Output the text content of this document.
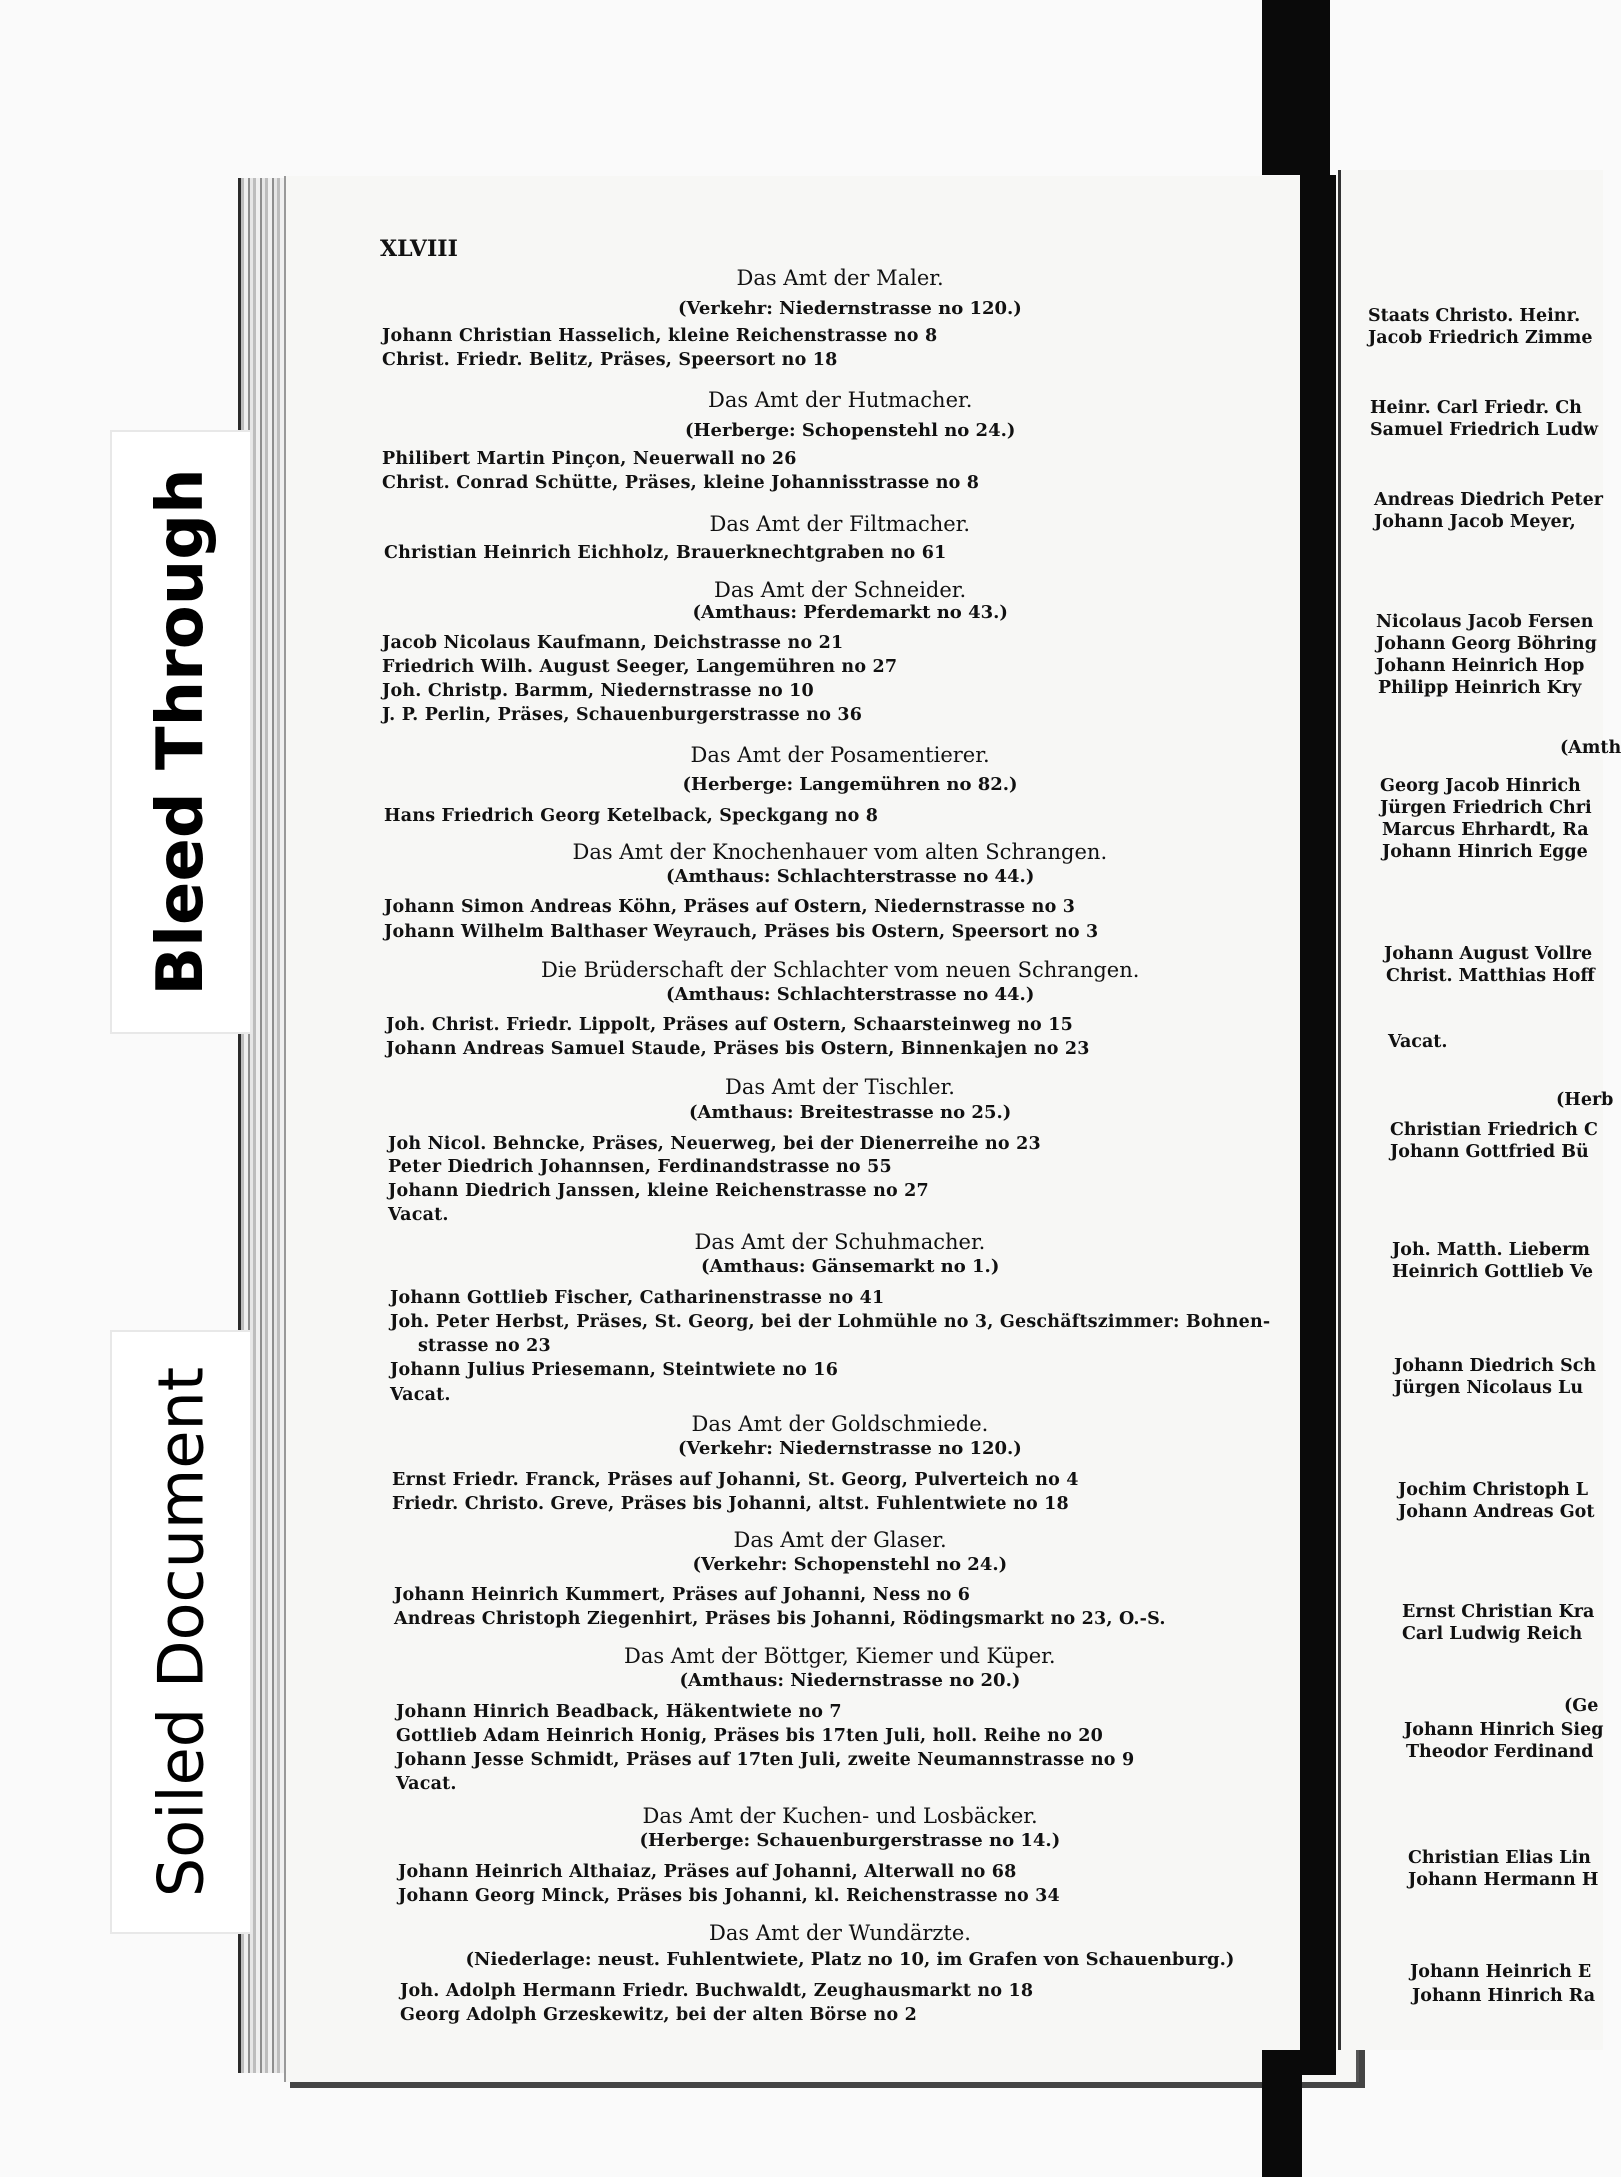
Bleed Through
Soiled Document
XLVIII
Das Amt der Maler.
(Verkehr: Niedernstrasse no 120.)
Johann Christian Hasselich, kleine Reichenstrasse no 8
Christ. Friedr. Belitz, Präses, Speersort no 18
Das Amt der Hutmacher.
(Herberge: Schopenstehl no 24.)
Philibert Martin Pinçon, Neuerwall no 26
Christ. Conrad Schütte, Präses, kleine Johannisstrasse no 8
Das Amt der Filtmacher.
Christian Heinrich Eichholz, Brauerknechtgraben no 61
Das Amt der Schneider.
(Amthaus: Pferdemarkt no 43.)
Jacob Nicolaus Kaufmann, Deichstrasse no 21
Friedrich Wilh. August Seeger, Langemühren no 27
Joh. Christp. Barmm, Niedernstrasse no 10
J. P. Perlin, Präses, Schauenburgerstrasse no 36
Das Amt der Posamentierer.
(Herberge: Langemühren no 82.)
Hans Friedrich Georg Ketelback, Speckgang no 8
Das Amt der Knochenhauer vom alten Schrangen.
(Amthaus: Schlachterstrasse no 44.)
Johann Simon Andreas Köhn, Präses auf Ostern, Niedernstrasse no 3
Johann Wilhelm Balthaser Weyrauch, Präses bis Ostern, Speersort no 3
Die Brüderschaft der Schlachter vom neuen Schrangen.
(Amthaus: Schlachterstrasse no 44.)
Joh. Christ. Friedr. Lippolt, Präses auf Ostern, Schaarsteinweg no 15
Johann Andreas Samuel Staude, Präses bis Ostern, Binnenkajen no 23
Das Amt der Tischler.
(Amthaus: Breitestrasse no 25.)
Joh Nicol. Behncke, Präses, Neuerweg, bei der Dienerreihe no 23
Peter Diedrich Johannsen, Ferdinandstrasse no 55
Johann Diedrich Janssen, kleine Reichenstrasse no 27
Vacat.
Das Amt der Schuhmacher.
(Amthaus: Gänsemarkt no 1.)
Johann Gottlieb Fischer, Catharinenstrasse no 41
Joh. Peter Herbst, Präses, St. Georg, bei der Lohmühle no 3, Geschäftszimmer: Bohnen-
strasse no 23
Johann Julius Priesemann, Steintwiete no 16
Vacat.
Das Amt der Goldschmiede.
(Verkehr: Niedernstrasse no 120.)
Ernst Friedr. Franck, Präses auf Johanni, St. Georg, Pulverteich no 4
Friedr. Christo. Greve, Präses bis Johanni, altst. Fuhlentwiete no 18
Das Amt der Glaser.
(Verkehr: Schopenstehl no 24.)
Johann Heinrich Kummert, Präses auf Johanni, Ness no 6
Andreas Christoph Ziegenhirt, Präses bis Johanni, Rödingsmarkt no 23, O.-S.
Das Amt der Böttger, Kiemer und Küper.
(Amthaus: Niedernstrasse no 20.)
Johann Hinrich Beadback, Häkentwiete no 7
Gottlieb Adam Heinrich Honig, Präses bis 17ten Juli, holl. Reihe no 20
Johann Jesse Schmidt, Präses auf 17ten Juli, zweite Neumannstrasse no 9
Vacat.
Das Amt der Kuchen- und Losbäcker.
(Herberge: Schauenburgerstrasse no 14.)
Johann Heinrich Althaiaz, Präses auf Johanni, Alterwall no 68
Johann Georg Minck, Präses bis Johanni, kl. Reichenstrasse no 34
Das Amt der Wundärzte.
(Niederlage: neust. Fuhlentwiete, Platz no 10, im Grafen von Schauenburg.)
Joh. Adolph Hermann Friedr. Buchwaldt, Zeughausmarkt no 18
Georg Adolph Grzeskewitz, bei der alten Börse no 2
Staats Christo. Heinr.
Jacob Friedrich Zimme
Heinr. Carl Friedr. Ch
Samuel Friedrich Ludw
Andreas Diedrich Peter
Johann Jacob Meyer,
Nicolaus Jacob Fersen
Johann Georg Böhring
Johann Heinrich Hop
Philipp Heinrich Kry
(Amth
Georg Jacob Hinrich
Jürgen Friedrich Chri
Marcus Ehrhardt, Ra
Johann Hinrich Egge
Johann August Vollre
Christ. Matthias Hoff
Vacat.
(Herb
Christian Friedrich C
Johann Gottfried Bü
Joh. Matth. Lieberm
Heinrich Gottlieb Ve
Johann Diedrich Sch
Jürgen Nicolaus Lu
Jochim Christoph L
Johann Andreas Got
Ernst Christian Kra
Carl Ludwig Reich
(Ge
Johann Hinrich Sieg
Theodor Ferdinand
Christian Elias Lin
Johann Hermann H
Johann Heinrich E
Johann Hinrich Ra
